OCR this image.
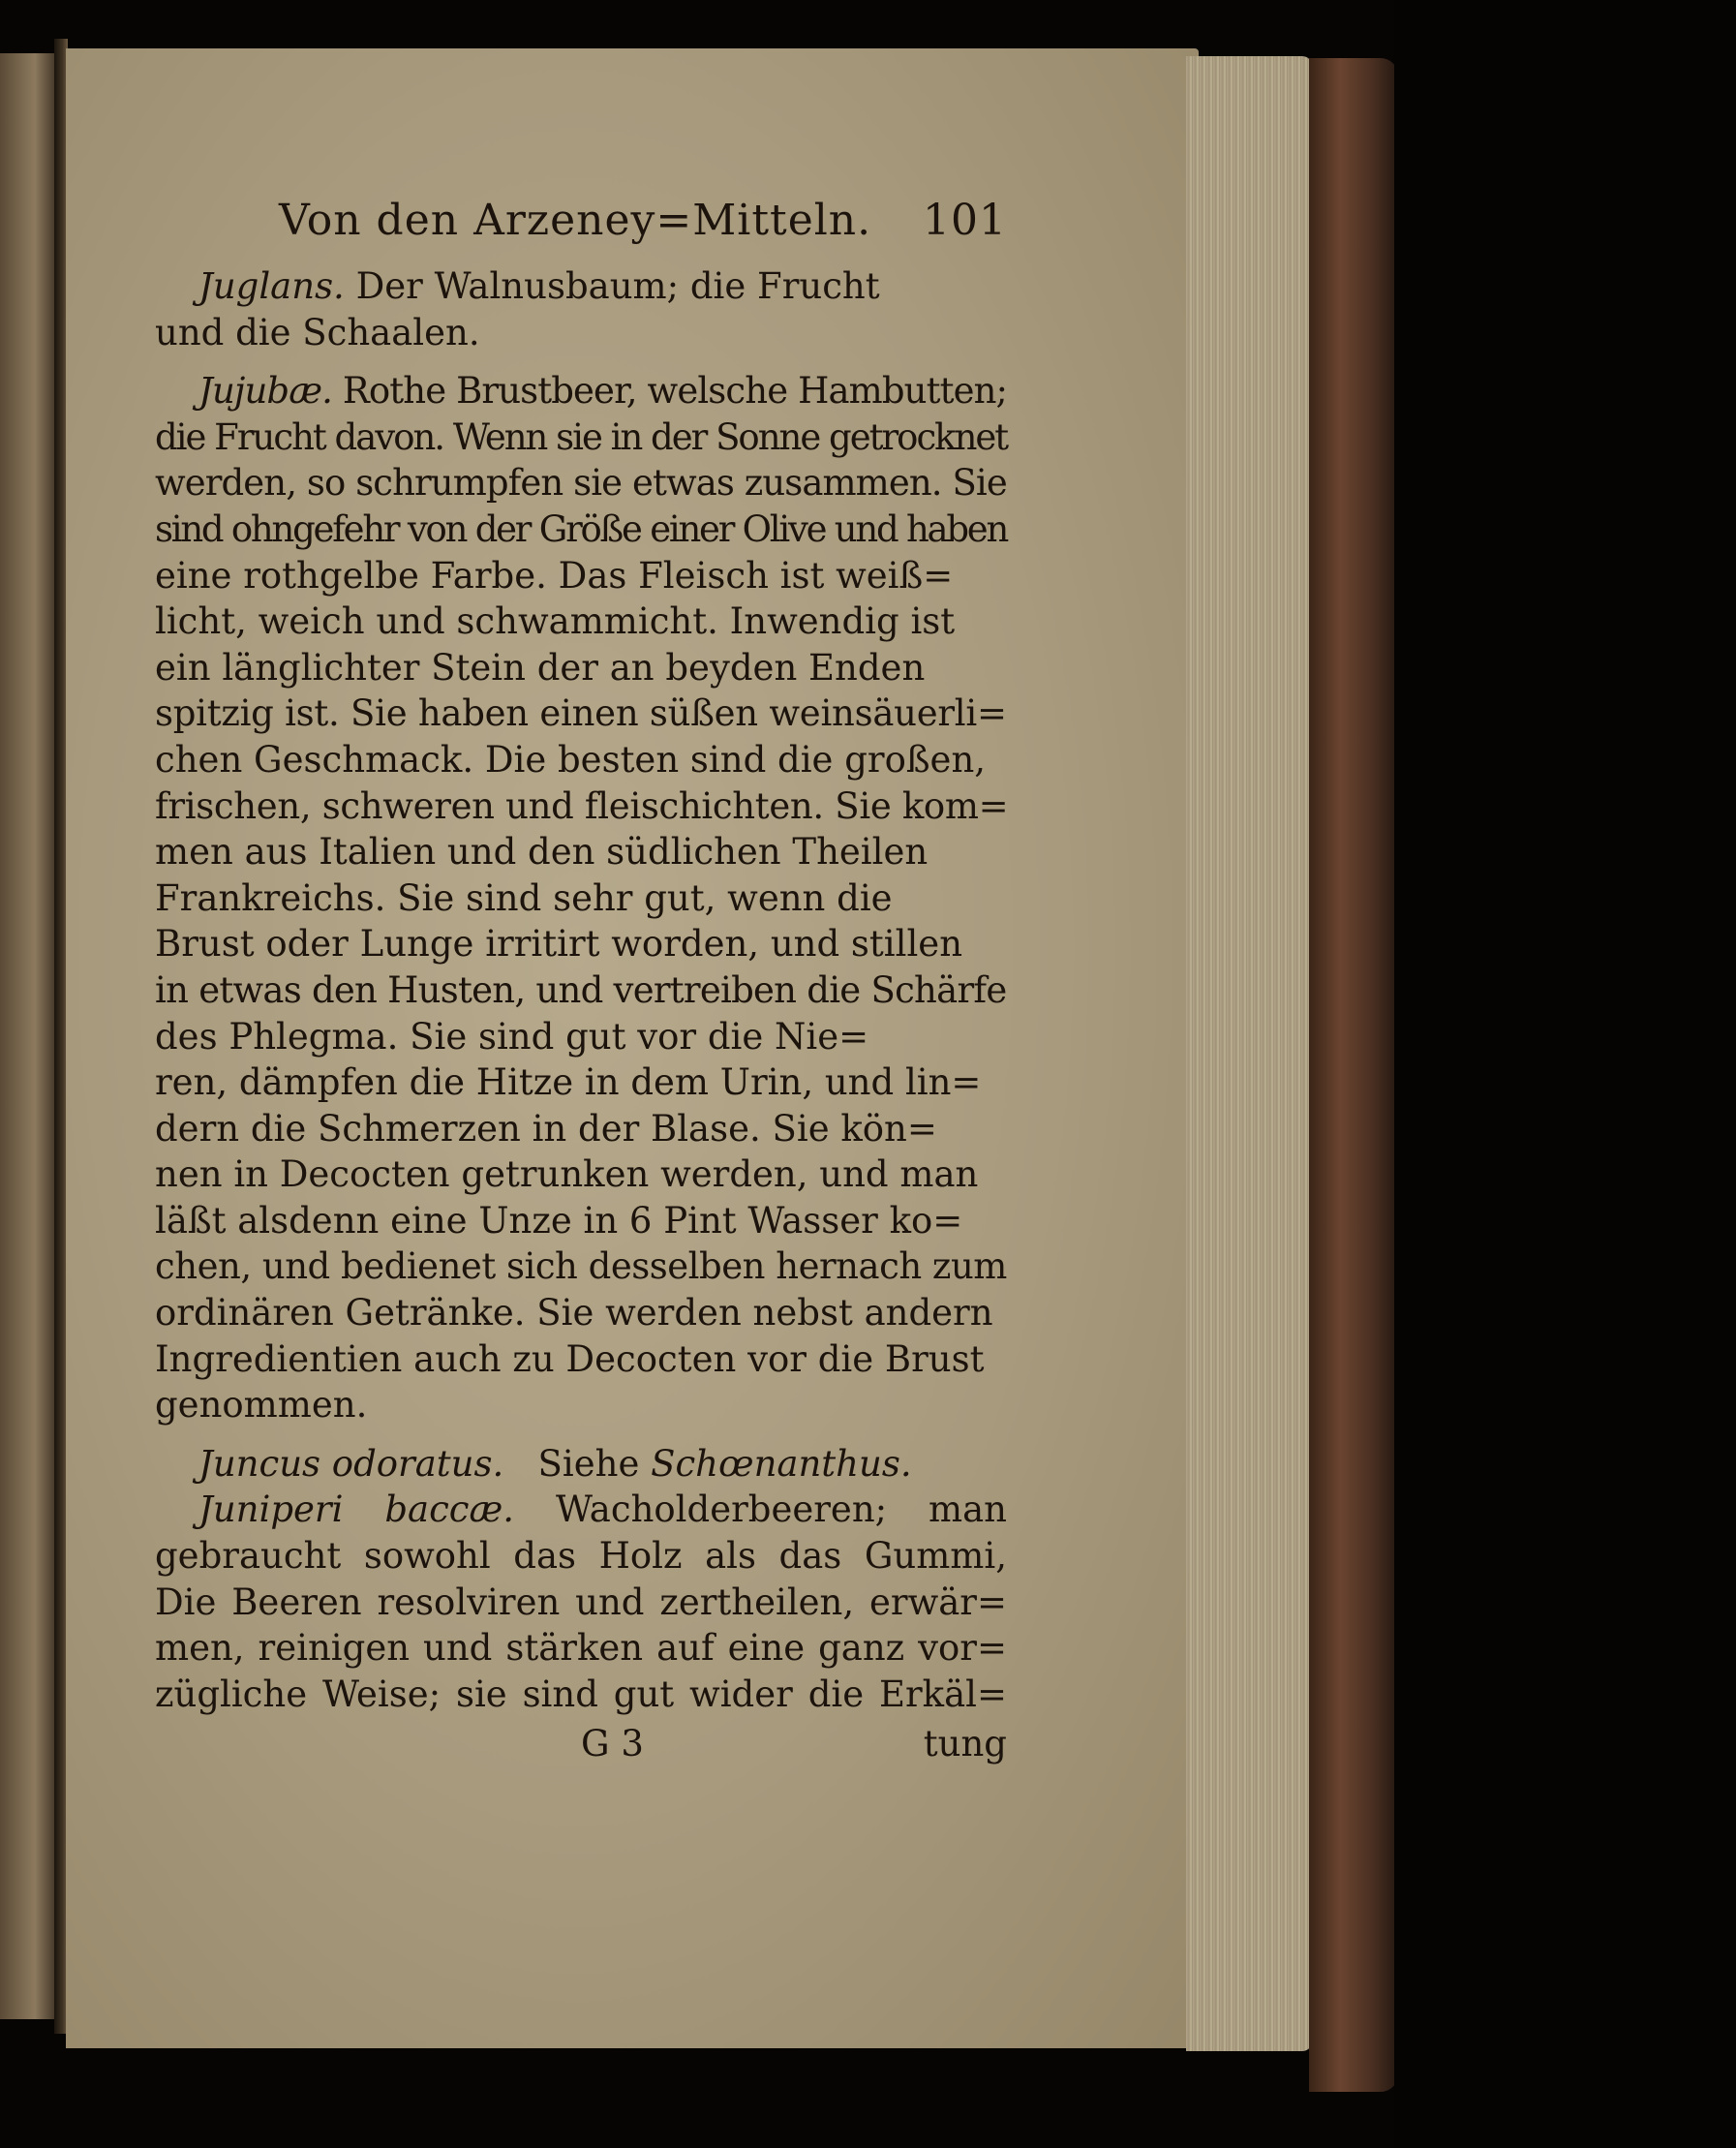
Von den Arzeney=Mitteln. 101
Juglans. Der Walnusbaum; die Frucht
und die Schaalen.
Jujubæ. Rothe Brustbeer, welsche Hambutten;
die Frucht davon. Wenn sie in der Sonne getrocknet
werden, so schrumpfen sie etwas zusammen. Sie
sind ohngefehr von der Größe einer Olive und haben
eine rothgelbe Farbe. Das Fleisch ist weiß=
licht, weich und schwammicht. Inwendig ist
ein länglichter Stein der an beyden Enden
spitzig ist. Sie haben einen süßen weinsäuerli=
chen Geschmack. Die besten sind die großen,
frischen, schweren und fleischichten. Sie kom=
men aus Italien und den südlichen Theilen
Frankreichs. Sie sind sehr gut, wenn die
Brust oder Lunge irritirt worden, und stillen
in etwas den Husten, und vertreiben die Schärfe
des Phlegma. Sie sind gut vor die Nie=
ren, dämpfen die Hitze in dem Urin, und lin=
dern die Schmerzen in der Blase. Sie kön=
nen in Decocten getrunken werden, und man
läßt alsdenn eine Unze in 6 Pint Wasser ko=
chen, und bedienet sich desselben hernach zum
ordinären Getränke. Sie werden nebst andern
Ingredientien auch zu Decocten vor die Brust
genommen.
Juncus odoratus. Siehe Schœnanthus.
Juniperi baccæ. Wacholderbeeren; man
gebraucht sowohl das Holz als das Gummi,
Die Beeren resolviren und zertheilen, erwär=
men, reinigen und stärken auf eine ganz vor=
zügliche Weise; sie sind gut wider die Erkäl=
G 3	tung
